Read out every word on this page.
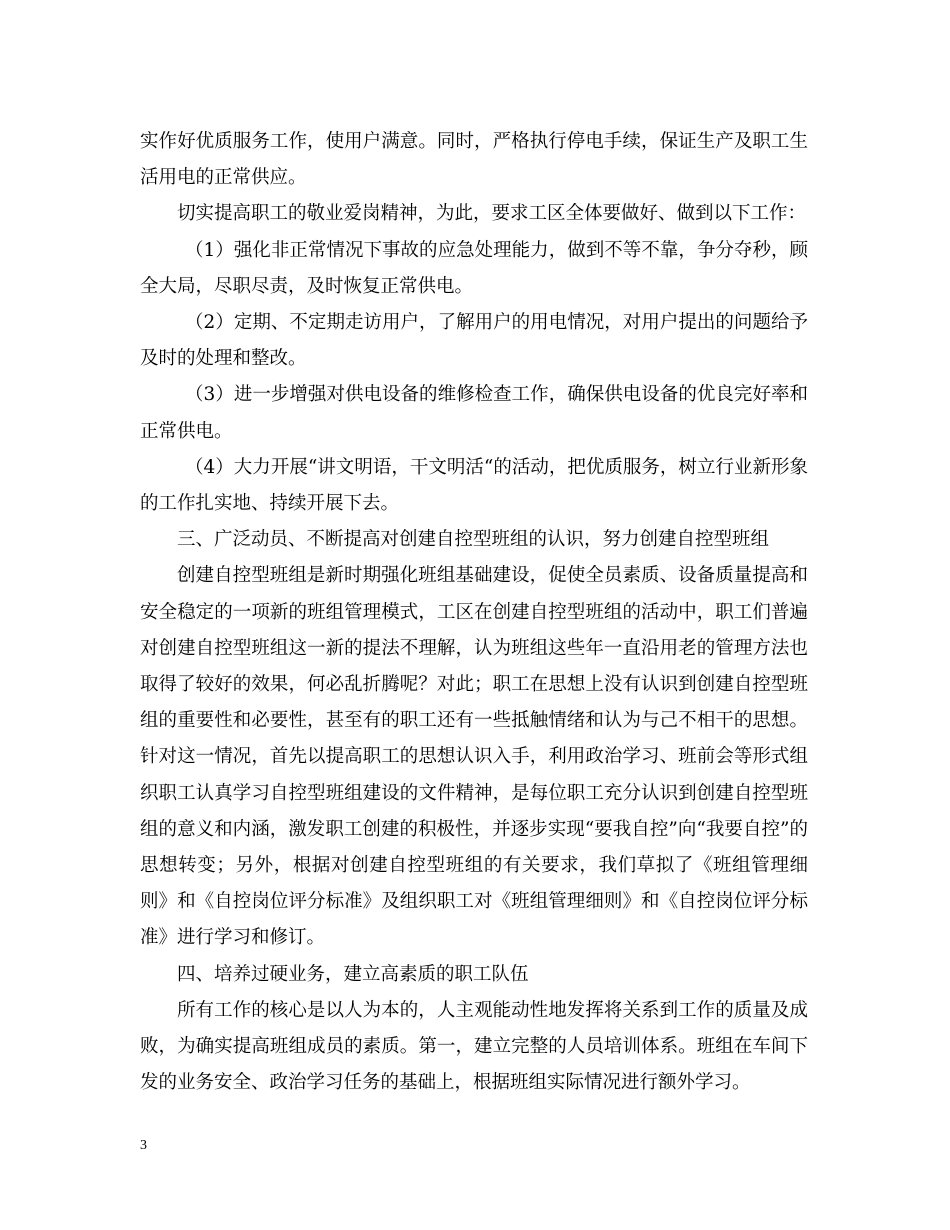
实作好优质服务工作，使用户满意。同时，严格执行停电手续，保证生产及职工生活用电的正常供应。

切实提高职工的敬业爱岗精神，为此，要求工区全体要做好、做到以下工作：

（1）强化非正常情况下事故的应急处理能力，做到不等不靠，争分夺秒，顾全大局，尽职尽责，及时恢复正常供电。

（2）定期、不定期走访用户，了解用户的用电情况，对用户提出的问题给予及时的处理和整改。

（3）进一步增强对供电设备的维修检查工作，确保供电设备的优良完好率和正常供电。

（4）大力开展“讲文明语，干文明活“的活动，把优质服务，树立行业新形象的工作扎实地、持续开展下去。

三、广泛动员、不断提高对创建自控型班组的认识，努力创建自控型班组

创建自控型班组是新时期强化班组基础建设，促使全员素质、设备质量提高和安全稳定的一项新的班组管理模式，工区在创建自控型班组的活动中，职工们普遍对创建自控型班组这一新的提法不理解，认为班组这些年一直沿用老的管理方法也取得了较好的效果，何必乱折腾呢？对此；职工在思想上没有认识到创建自控型班组的重要性和必要性，甚至有的职工还有一些抵触情绪和认为与己不相干的思想。针对这一情况，首先以提高职工的思想认识入手，利用政治学习、班前会等形式组织职工认真学习自控型班组建设的文件精神，是每位职工充分认识到创建自控型班组的意义和内涵，激发职工创建的积极性，并逐步实现“要我自控”向“我要自控”的思想转变；另外，根据对创建自控型班组的有关要求，我们草拟了《班组管理细则》和《自控岗位评分标准》及组织职工对《班组管理细则》和《自控岗位评分标准》进行学习和修订。

四、培养过硬业务，建立高素质的职工队伍

所有工作的核心是以人为本的，人主观能动性地发挥将关系到工作的质量及成败，为确实提高班组成员的素质。第一，建立完整的人员培训体系。班组在车间下发的业务安全、政治学习任务的基础上，根据班组实际情况进行额外学习。

3
